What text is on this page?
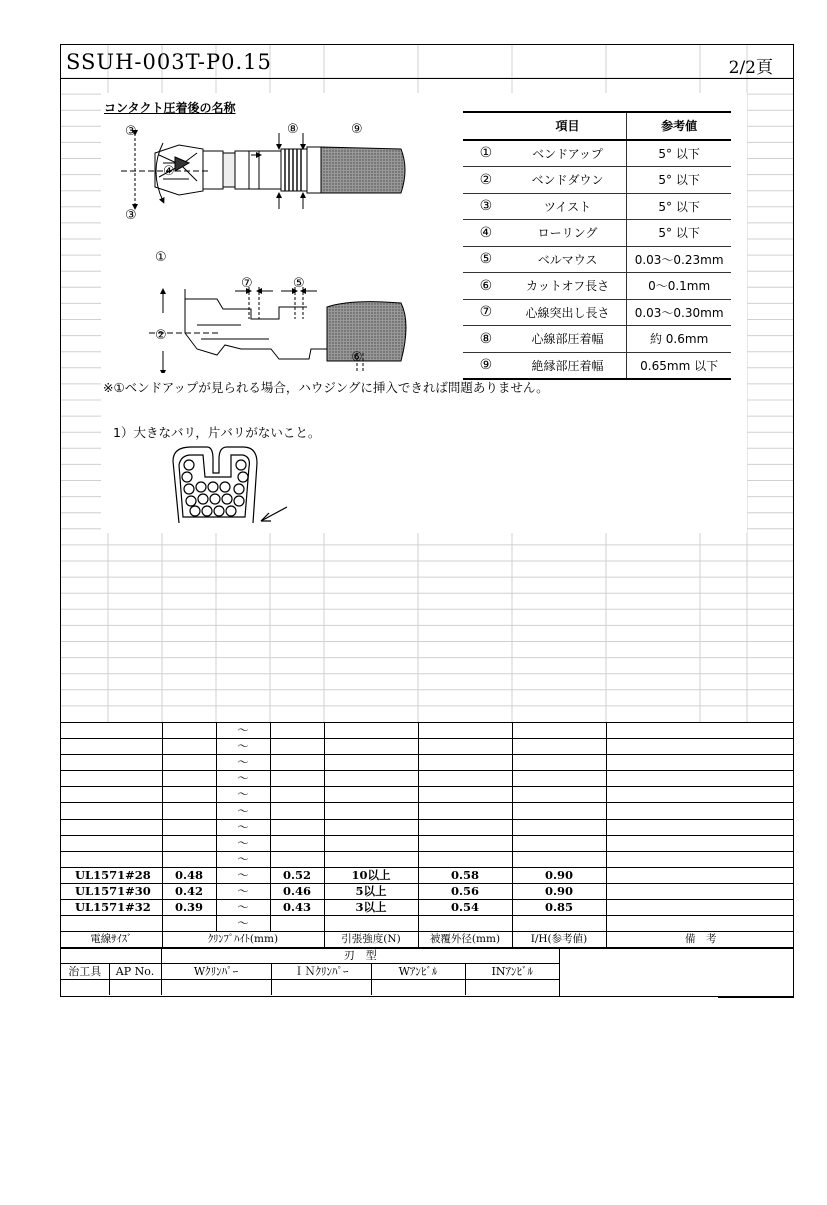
SSUH-003T-P0.15	2/2頁
コンタクト圧着後の名称
③
③
④
⑧	⑨
①
②
⑦	⑤
⑥
	項目	参考値
①	ベンドアップ	5° 以下
②	ベンドダウン	5° 以下
③	ツイスト	5° 以下
④	ローリング	5° 以下
⑤	ベルマウス	0.03～0.23mm
⑥	カットオフ長さ	0～0.1mm
⑦	心線突出し長さ	0.03～0.30mm
⑧	心線部圧着幅	約 0.6mm
⑨	絶縁部圧着幅	0.65mm 以下
※①ベンドアップが見られる場合，ハウジングに挿入できれば問題ありません。
1）大きなバリ，片バリがないこと。
		～					
		～					
		～					
		～					
		～					
		～					
		～					
		～					
		～					
UL1571#28	0.48	～	0.52	10以上	0.58	0.90	
UL1571#30	0.42	～	0.46	5以上	0.56	0.90	
UL1571#32	0.39	～	0.43	3以上	0.54	0.85	
		～					
電線ｻｲｽﾞ	ｸﾘﾝﾌﾟﾊｲﾄ(mm)			引張強度(N)	被覆外径(mm)	I/H(参考値)	備　考
		刃　型			
治工具	AP No.	Wｸﾘﾝﾊﾟｰ	ＩＮｸﾘﾝﾊﾟｰ	Wｱﾝﾋﾞﾙ	INｱﾝﾋﾞﾙ
